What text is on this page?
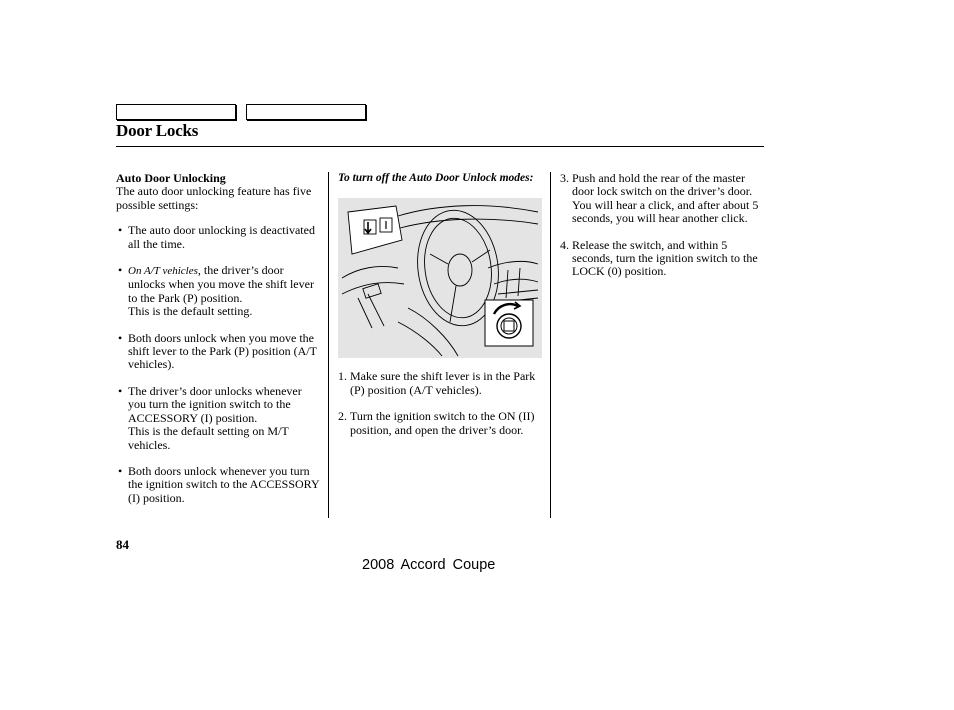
Door Locks
Auto Door Unlocking
The auto door unlocking feature has five possible settings:
• The auto door unlocking is deactivated all the time.
• On A/T vehicles, the driver’s door unlocks when you move the shift lever to the Park (P) position.
This is the default setting.
• Both doors unlock when you move the shift lever to the Park (P) position (A/T vehicles).
• The driver’s door unlocks whenever you turn the ignition switch to the ACCESSORY (I) position.
This is the default setting on M/T vehicles.
• Both doors unlock whenever you turn the ignition switch to the ACCESSORY (I) position.
To turn off the Auto Door Unlock modes:
1. Make sure the shift lever is in the Park (P) position (A/T vehicles).
2. Turn the ignition switch to the ON (II) position, and open the driver’s door.
3. Push and hold the rear of the master door lock switch on the driver’s door. You will hear a click, and after about 5 seconds, you will hear another click.
4. Release the switch, and within 5 seconds, turn the ignition switch to the LOCK (0) position.
84
2008 Accord Coupe
